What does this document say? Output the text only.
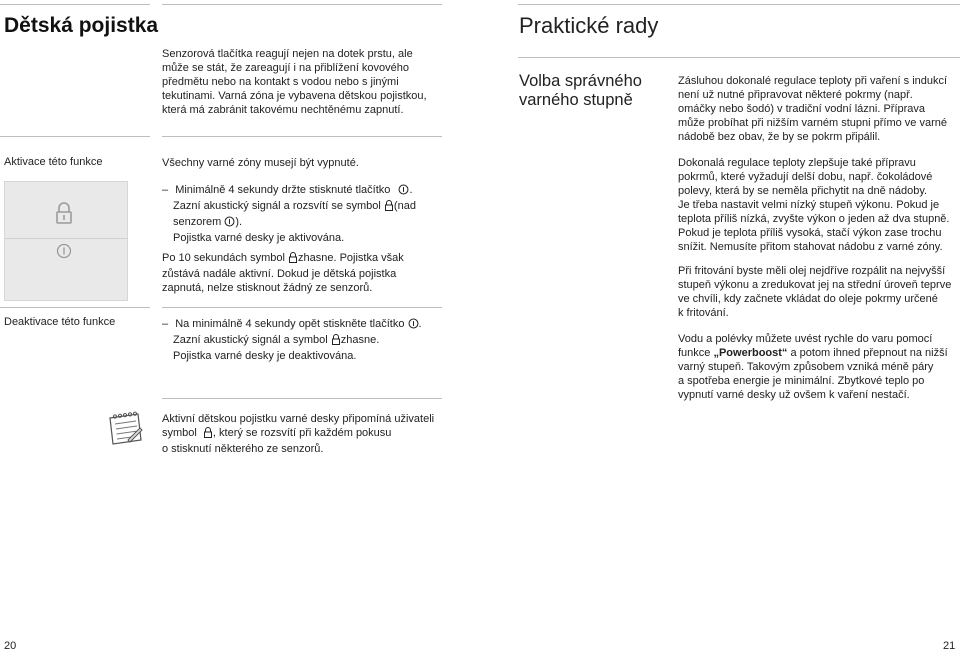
Dětská pojistka
Senzorová tlačítka reagují nejen na dotek prstu, ale
může se stát, že zareagují i na přiblížení kovového
předmětu nebo na kontakt s vodou nebo s jinými
tekutinami. Varná zóna je vybavena dětskou pojistkou,
která má zabránit takovému nechtěnému zapnutí.
Aktivace této funkce	Všechny varné zóny musejí být vypnuté.
– Minimálně 4 sekundy držte stisknuté tlačítko .
Zazní akustický signál a rozsvítí se symbol (nad
senzorem ).
Pojistka varné desky je aktivována.
Po 10 sekundách symbol zhasne. Pojistka však
zůstává nadále aktivní. Dokud je dětská pojistka
zapnutá, nelze stisknout žádný ze senzorů.
Deaktivace této funkce	– Na minimálně 4 sekundy opět stiskněte tlačítko .
Zazní akustický signál a symbol zhasne.
Pojistka varné desky je deaktivována.
Aktivní dětskou pojistku varné desky připomíná uživateli
symbol , který se rozsvítí při každém pokusu
o stisknutí některého ze senzorů.
20
Praktické rady
Volba správného
varného stupně
Zásluhou dokonalé regulace teploty při vaření s indukcí
není už nutné připravovat některé pokrmy (např.
omáčky nebo šodó) v tradiční vodní lázni. Příprava
může probíhat při nižším varném stupni přímo ve varné
nádobě bez obav, že by se pokrm připálil.
Dokonalá regulace teploty zlepšuje také přípravu
pokrmů, které vyžadují delší dobu, např. čokoládové
polevy, která by se neměla přichytit na dně nádoby.
Je třeba nastavit velmi nízký stupeň výkonu. Pokud je
teplota příliš nízká, zvyšte výkon o jeden až dva stupně.
Pokud je teplota příliš vysoká, stačí výkon zase trochu
snížit. Nemusíte přitom stahovat nádobu z varné zóny.
Při fritování byste měli olej nejdříve rozpálit na nejvyšší
stupeň výkonu a zredukovat jej na střední úroveň teprve
ve chvíli, kdy začnete vkládat do oleje pokrmy určené
k fritování.
Vodu a polévky můžete uvést rychle do varu pomocí
funkce „Powerboost“ a potom ihned přepnout na nižší
varný stupeň. Takovým způsobem vzniká méně páry
a spotřeba energie je minimální. Zbytkové teplo po
vypnutí varné desky už ovšem k vaření nestačí.
21
